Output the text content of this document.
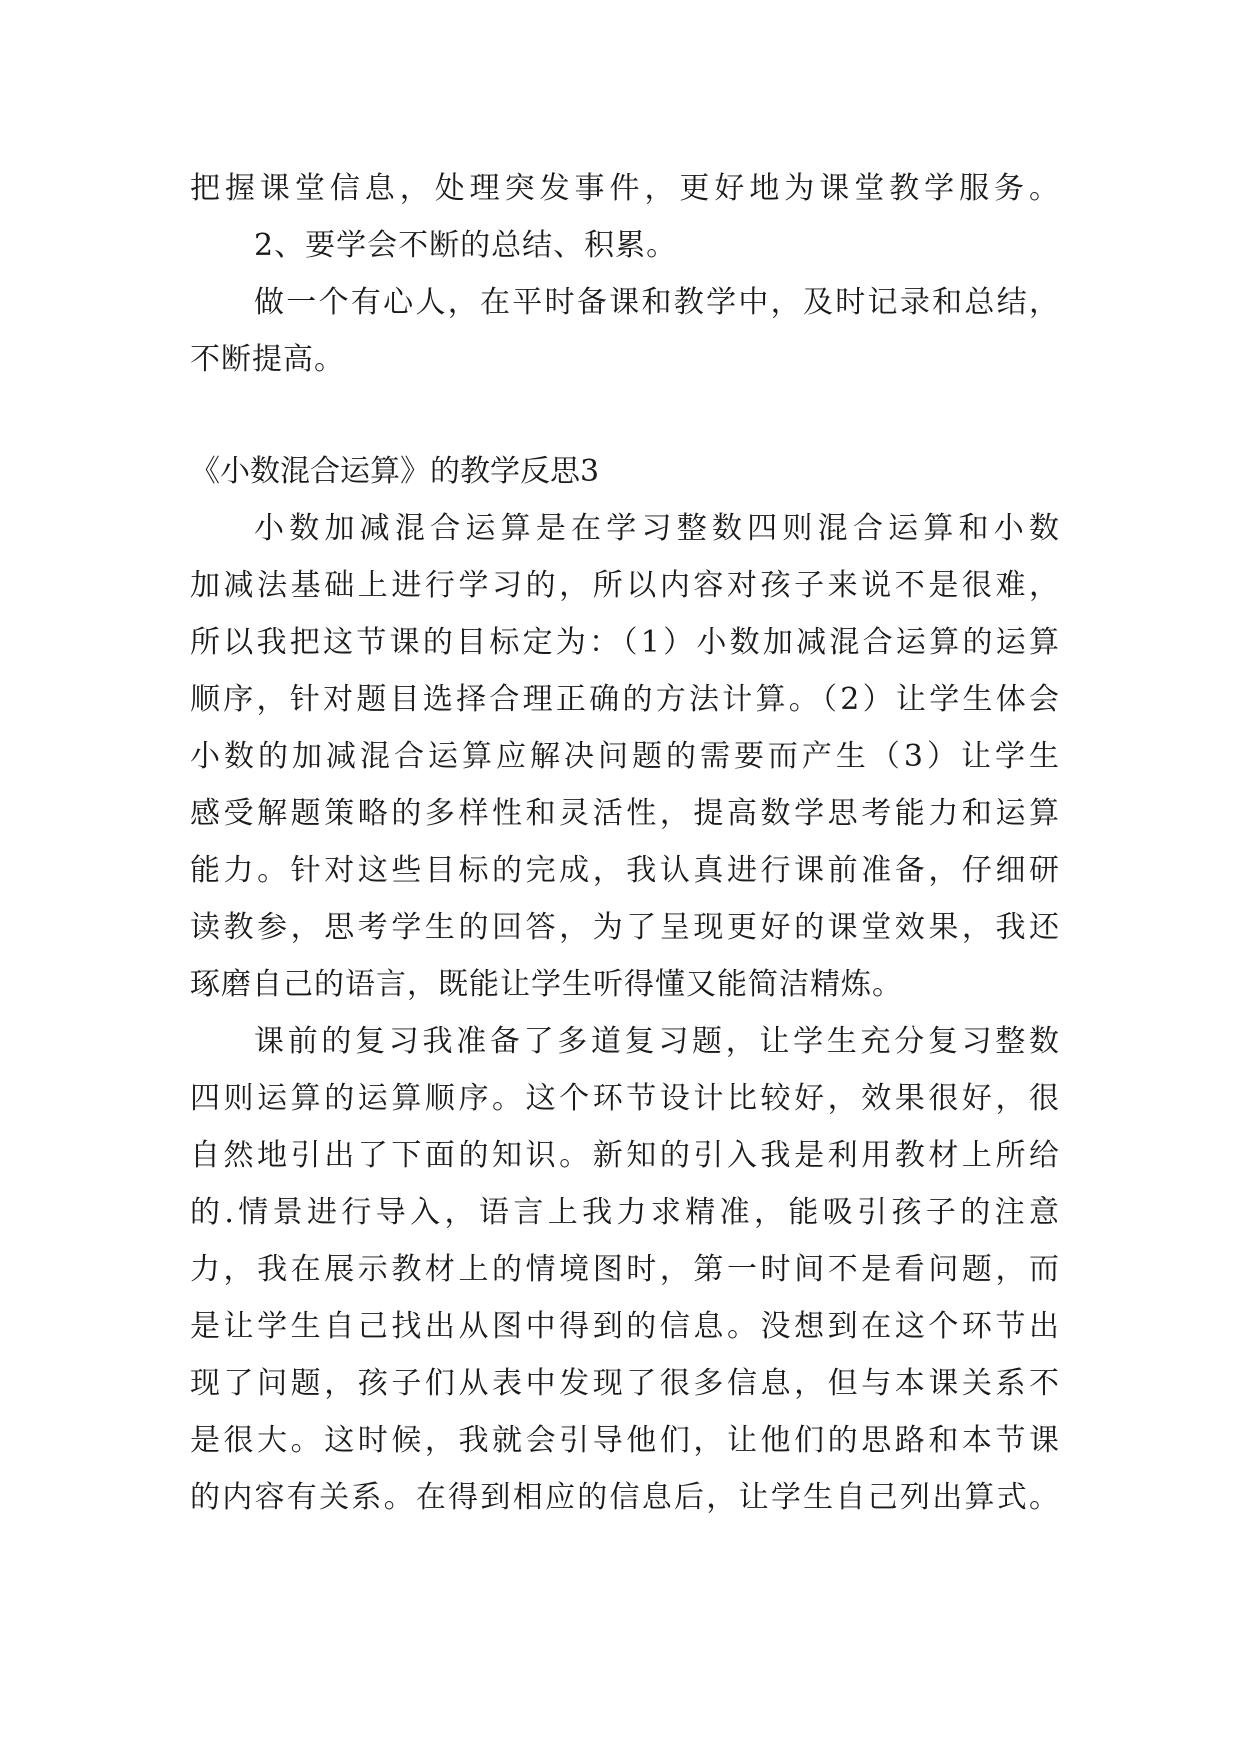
把握课堂信息，处理突发事件，更好地为课堂教学服务。
2、要学会不断的总结、积累。
做一个有心人，在平时备课和教学中，及时记录和总结，
不断提高。
《小数混合运算》的教学反思3
小数加减混合运算是在学习整数四则混合运算和小数
加减法基础上进行学习的，所以内容对孩子来说不是很难，
所以我把这节课的目标定为：（1）小数加减混合运算的运算
顺序，针对题目选择合理正确的方法计算。（2）让学生体会
小数的加减混合运算应解决问题的需要而产生（3）让学生
感受解题策略的多样性和灵活性，提高数学思考能力和运算
能力。针对这些目标的完成，我认真进行课前准备，仔细研
读教参，思考学生的回答，为了呈现更好的课堂效果，我还
琢磨自己的语言，既能让学生听得懂又能简洁精炼。
课前的复习我准备了多道复习题，让学生充分复习整数
四则运算的运算顺序。这个环节设计比较好，效果很好，很
自然地引出了下面的知识。新知的引入我是利用教材上所给
的.情景进行导入，语言上我力求精准，能吸引孩子的注意
力，我在展示教材上的情境图时，第一时间不是看问题，而
是让学生自己找出从图中得到的信息。没想到在这个环节出
现了问题，孩子们从表中发现了很多信息，但与本课关系不
是很大。这时候，我就会引导他们，让他们的思路和本节课
的内容有关系。在得到相应的信息后，让学生自己列出算式。
